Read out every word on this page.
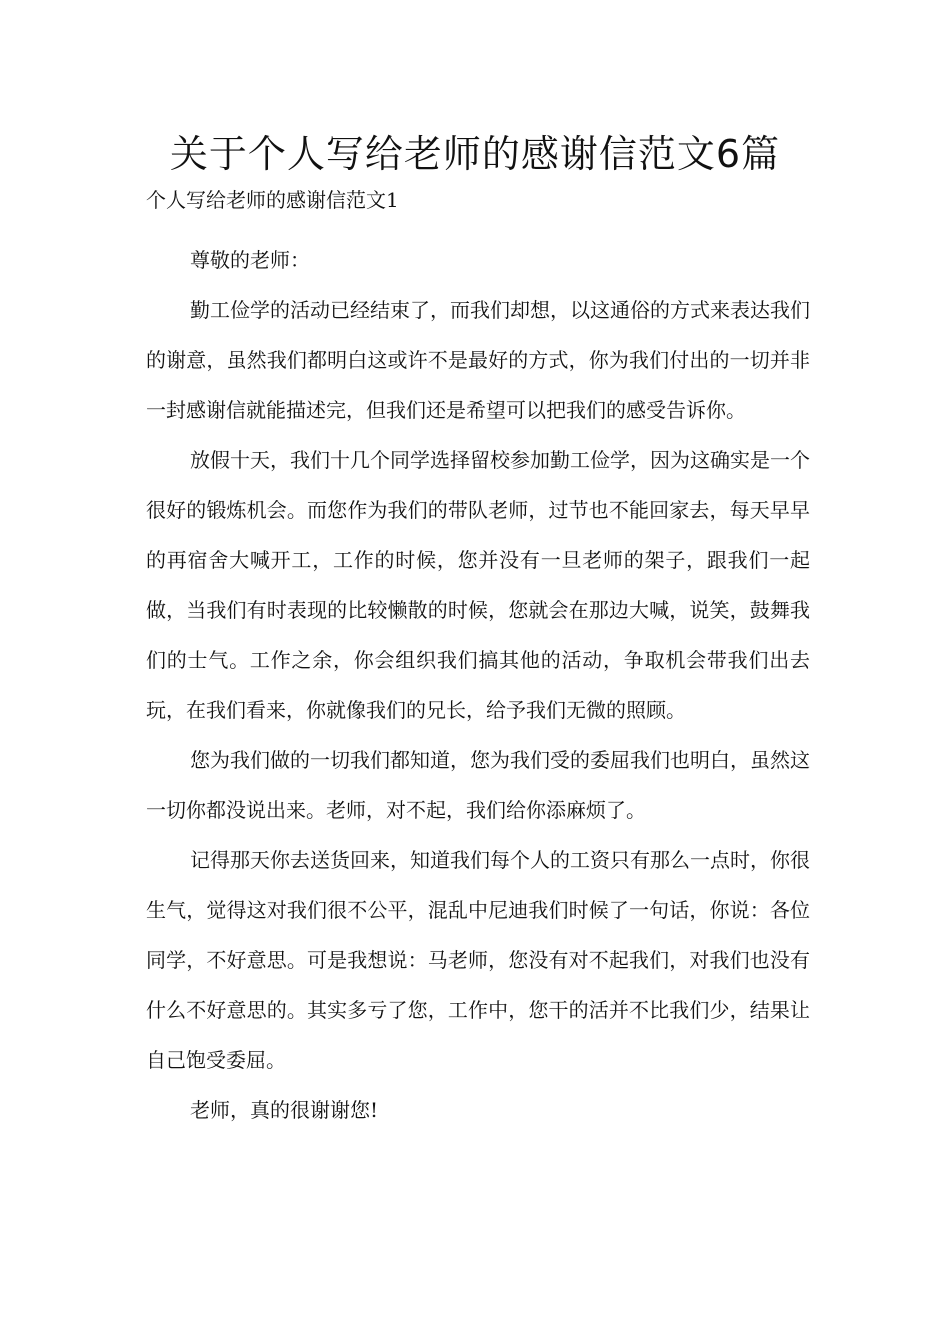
关于个人写给老师的感谢信范文6篇
个人写给老师的感谢信范文1

尊敬的老师：

勤工俭学的活动已经结束了，而我们却想，以这通俗的方式来表达我们的谢意，虽然我们都明白这或许不是最好的方式，你为我们付出的一切并非一封感谢信就能描述完，但我们还是希望可以把我们的感受告诉你。

放假十天，我们十几个同学选择留校参加勤工俭学，因为这确实是一个很好的锻炼机会。而您作为我们的带队老师，过节也不能回家去，每天早早的再宿舍大喊开工，工作的时候，您并没有一旦老师的架子，跟我们一起做，当我们有时表现的比较懒散的时候，您就会在那边大喊，说笑，鼓舞我们的士气。工作之余，你会组织我们搞其他的活动，争取机会带我们出去玩，在我们看来，你就像我们的兄长，给予我们无微的照顾。

您为我们做的一切我们都知道，您为我们受的委屈我们也明白，虽然这一切你都没说出来。老师，对不起，我们给你添麻烦了。

记得那天你去送货回来，知道我们每个人的工资只有那么一点时，你很生气，觉得这对我们很不公平，混乱中尼迪我们时候了一句话，你说：各位同学，不好意思。可是我想说：马老师，您没有对不起我们，对我们也没有什么不好意思的。其实多亏了您，工作中，您干的活并不比我们少，结果让自己饱受委屈。

老师，真的很谢谢您!
